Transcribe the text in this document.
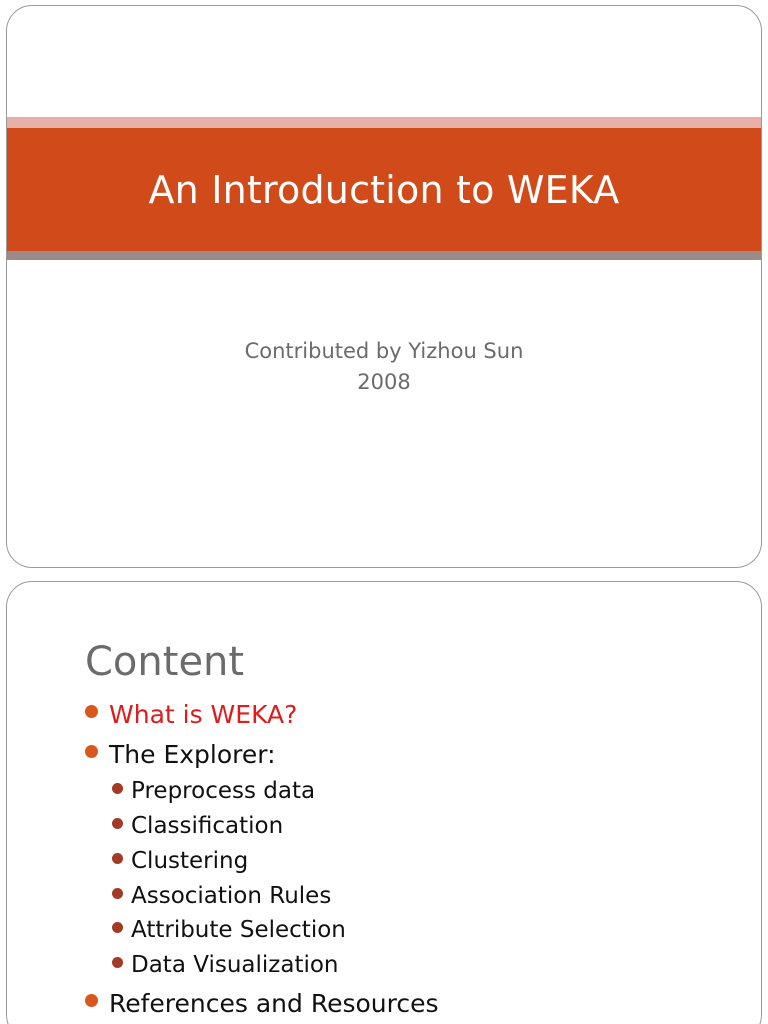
An Introduction to WEKA
Contributed by Yizhou Sun
2008
Content
What is WEKA?
The Explorer:
Preprocess data
Classification
Clustering
Association Rules
Attribute Selection
Data Visualization
References and Resources
